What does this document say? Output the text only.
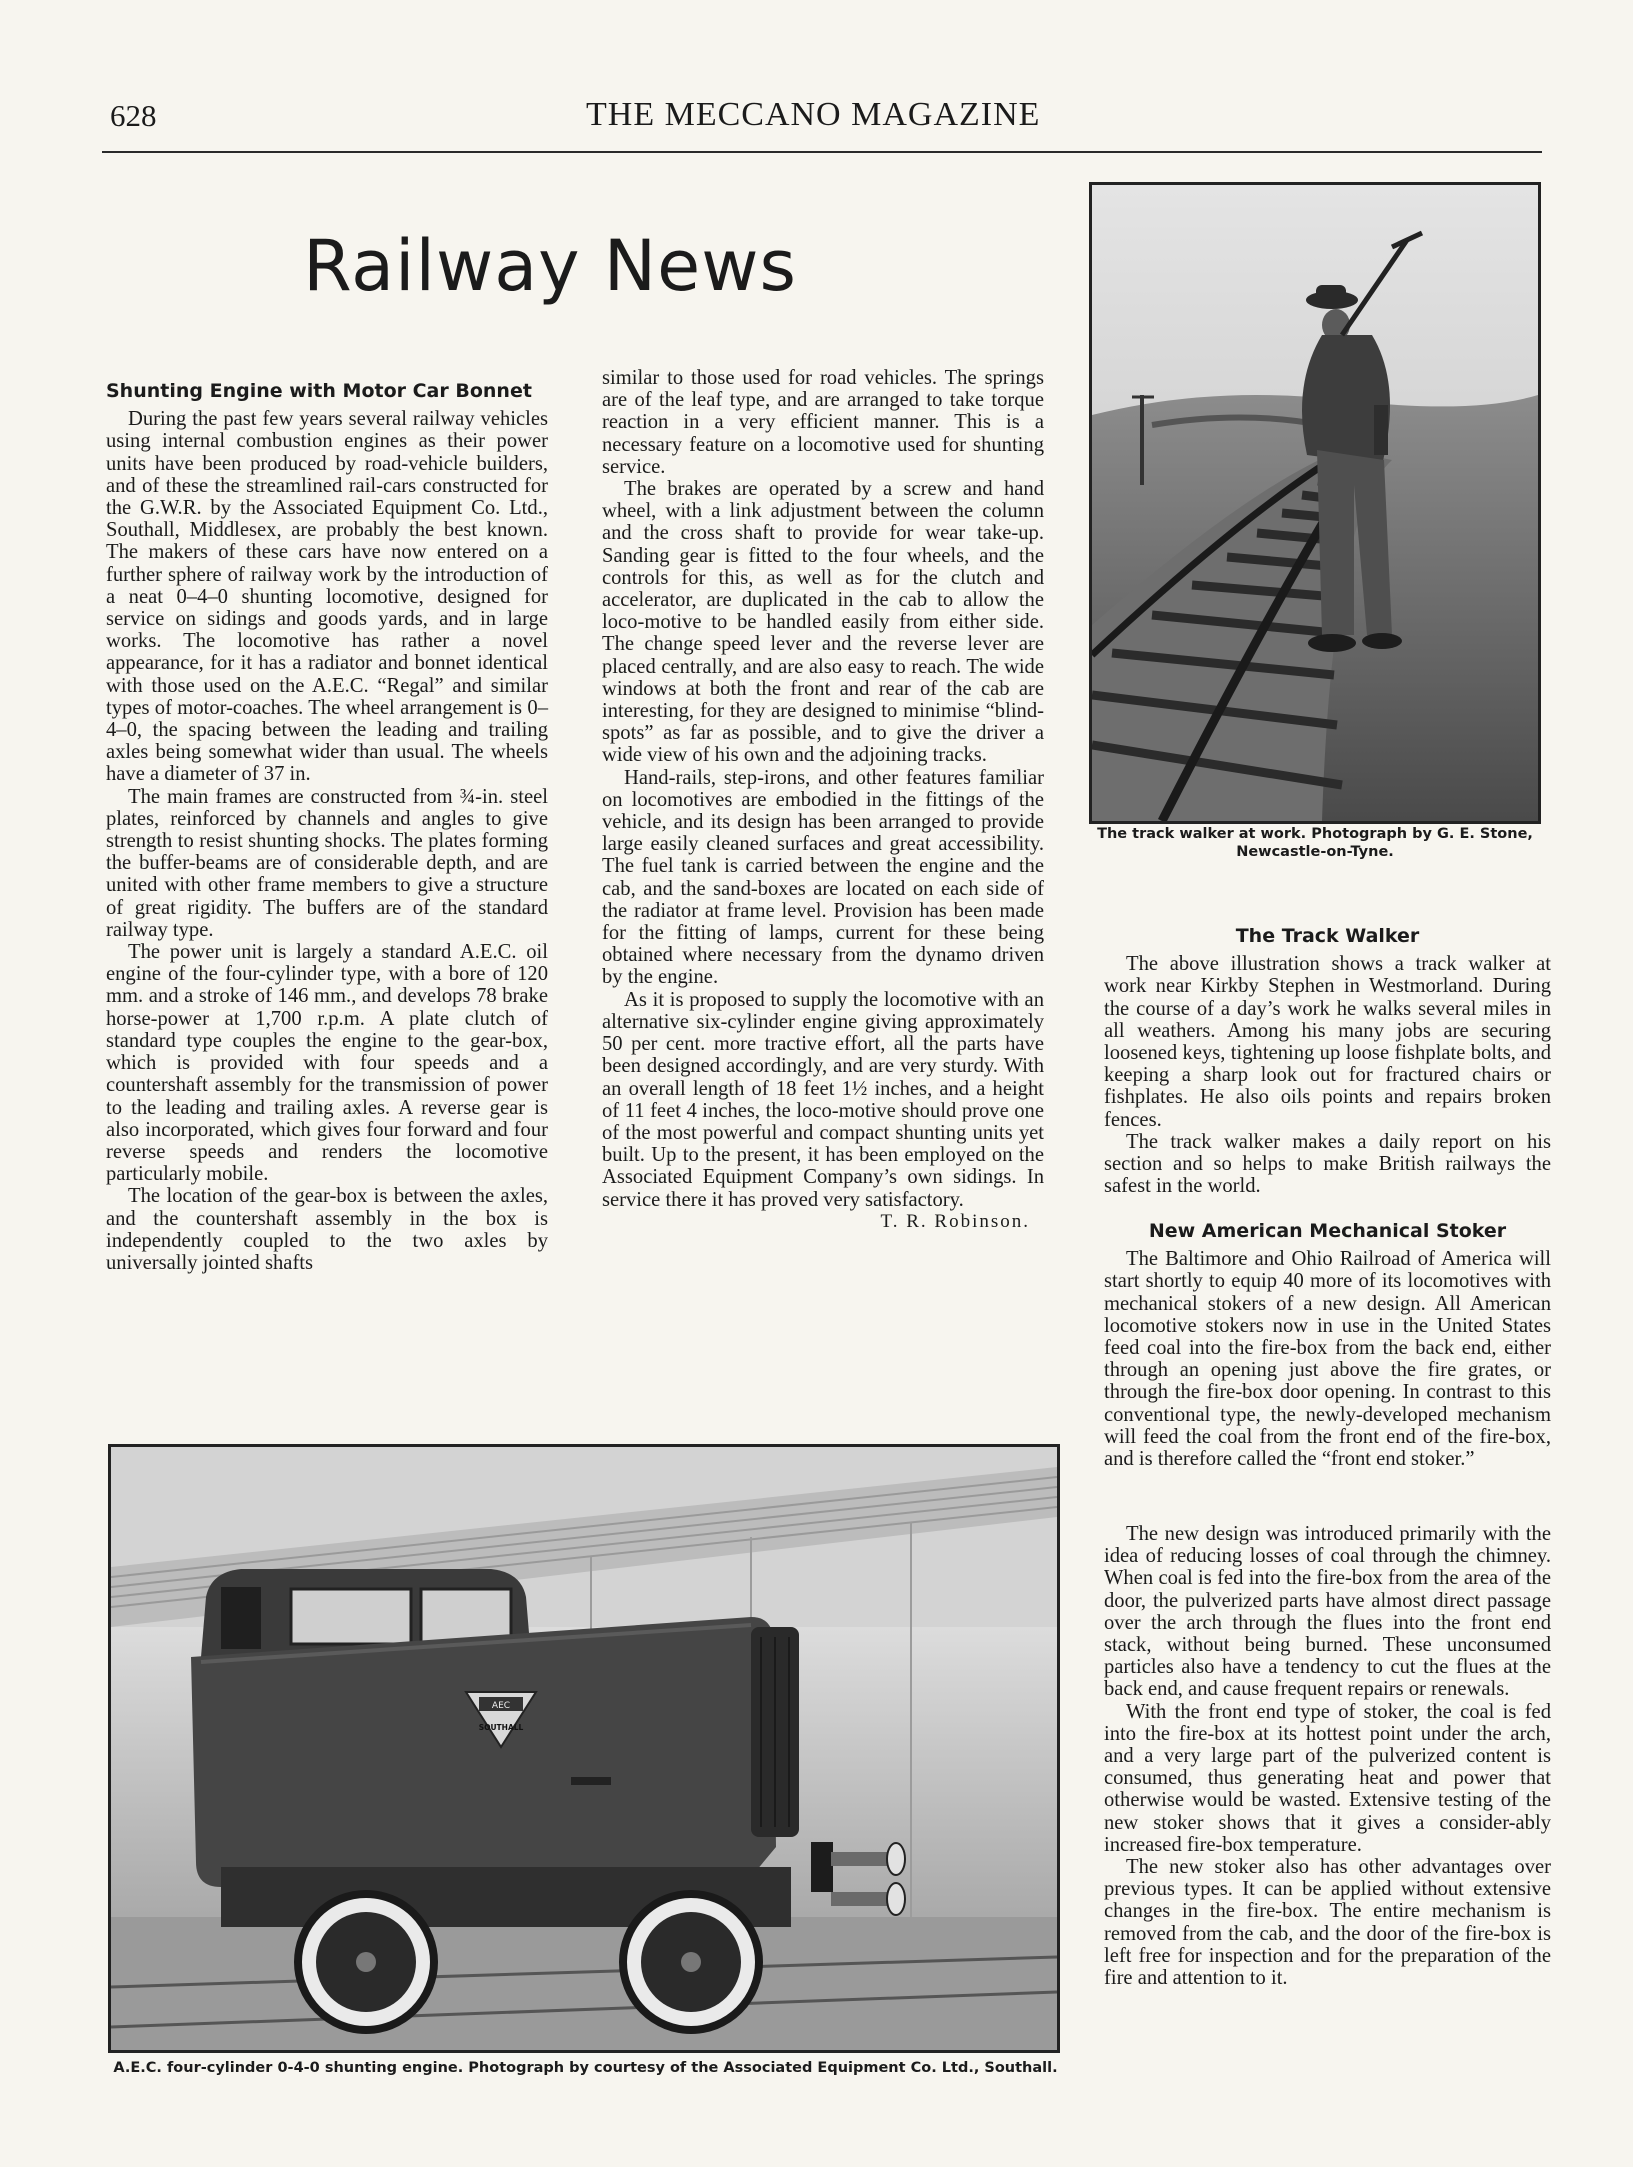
628	THE MECCANO MAGAZINE
Railway News
Shunting Engine with Motor Car Bonnet

During the past few years several railway vehicles using internal combustion engines as their power units have been produced by road-vehicle builders, and of these the streamlined rail-cars constructed for the G.W.R. by the Associated Equipment Co. Ltd., Southall, Middlesex, are probably the best known. The makers of these cars have now entered on a further sphere of railway work by the introduction of a neat 0–4–0 shunting locomotive, designed for service on sidings and goods yards, and in large works. The locomotive has rather a novel appearance, for it has a radiator and bonnet identical with those used on the A.E.C. “Regal” and similar types of motor-coaches. The wheel arrangement is 0–4–0, the spacing between the leading and trailing axles being somewhat wider than usual. The wheels have a diameter of 37 in.

The main frames are constructed from ¾-in. steel plates, reinforced by channels and angles to give strength to resist shunting shocks. The plates forming the buffer-beams are of considerable depth, and are united with other frame members to give a structure of great rigidity. The buffers are of the standard railway type.

The power unit is largely a standard A.E.C. oil engine of the four-cylinder type, with a bore of 120 mm. and a stroke of 146 mm., and develops 78 brake horse-power at 1,700 r.p.m. A plate clutch of standard type couples the engine to the gear-box, which is provided with four speeds and a countershaft assembly for the transmission of power to the leading and trailing axles. A reverse gear is also incorporated, which gives four forward and four reverse speeds and renders the locomotive particularly mobile.

The location of the gear-box is between the axles, and the countershaft assembly in the box is independently coupled to the two axles by universally jointed shafts

similar to those used for road vehicles. The springs are of the leaf type, and are arranged to take torque reaction in a very efficient manner. This is a necessary feature on a locomotive used for shunting service.

The brakes are operated by a screw and hand wheel, with a link adjustment between the column and the cross shaft to provide for wear take-up. Sanding gear is fitted to the four wheels, and the controls for this, as well as for the clutch and accelerator, are duplicated in the cab to allow the loco-motive to be handled easily from either side. The change speed lever and the reverse lever are placed centrally, and are also easy to reach. The wide windows at both the front and rear of the cab are interesting, for they are designed to minimise “blind-spots” as far as possible, and to give the driver a wide view of his own and the adjoining tracks.

Hand-rails, step-irons, and other features familiar on locomotives are embodied in the fittings of the vehicle, and its design has been arranged to provide large easily cleaned surfaces and great accessibility. The fuel tank is carried between the engine and the cab, and the sand-boxes are located on each side of the radiator at frame level. Provision has been made for the fitting of lamps, current for these being obtained where necessary from the dynamo driven by the engine.

As it is proposed to supply the locomotive with an alternative six-cylinder engine giving approximately 50 per cent. more tractive effort, all the parts have been designed accordingly, and are very sturdy. With an overall length of 18 feet 1½ inches, and a height of 11 feet 4 inches, the loco-motive should prove one of the most powerful and compact shunting units yet built. Up to the present, it has been employed on the Associated Equipment Company’s own sidings. In service there it has proved very satisfactory.

T. R. Robinson.
The track walker at work. Photograph by G. E. Stone, Newcastle-on-Tyne.
The Track Walker

The above illustration shows a track walker at work near Kirkby Stephen in Westmorland. During the course of a day’s work he walks several miles in all weathers. Among his many jobs are securing loosened keys, tightening up loose fishplate bolts, and keeping a sharp look out for fractured chairs or fishplates. He also oils points and repairs broken fences.

The track walker makes a daily report on his section and so helps to make British railways the safest in the world.

New American Mechanical Stoker

The Baltimore and Ohio Railroad of America will start shortly to equip 40 more of its locomotives with mechanical stokers of a new design. All American locomotive stokers now in use in the United States feed coal into the fire-box from the back end, either through an opening just above the fire grates, or through the fire-box door opening. In contrast to this conventional type, the newly-developed mechanism will feed the coal from the front end of the fire-box, and is therefore called the “front end stoker.”

The new design was introduced primarily with the idea of reducing losses of coal through the chimney. When coal is fed into the fire-box from the area of the door, the pulverized parts have almost direct passage over the arch through the flues into the front end stack, without being burned. These unconsumed particles also have a tendency to cut the flues at the back end, and cause frequent repairs or renewals.

With the front end type of stoker, the coal is fed into the fire-box at its hottest point under the arch, and a very large part of the pulverized content is consumed, thus generating heat and power that otherwise would be wasted. Extensive testing of the new stoker shows that it gives a consider-ably increased fire-box temperature.

The new stoker also has other advantages over previous types. It can be applied without extensive changes in the fire-box. The entire mechanism is removed from the cab, and the door of the fire-box is left free for inspection and for the preparation of the fire and attention to it.

AEC
SOUTHALL
A.E.C. four-cylinder 0-4-0 shunting engine. Photograph by courtesy of the Associated Equipment Co. Ltd., Southall.
